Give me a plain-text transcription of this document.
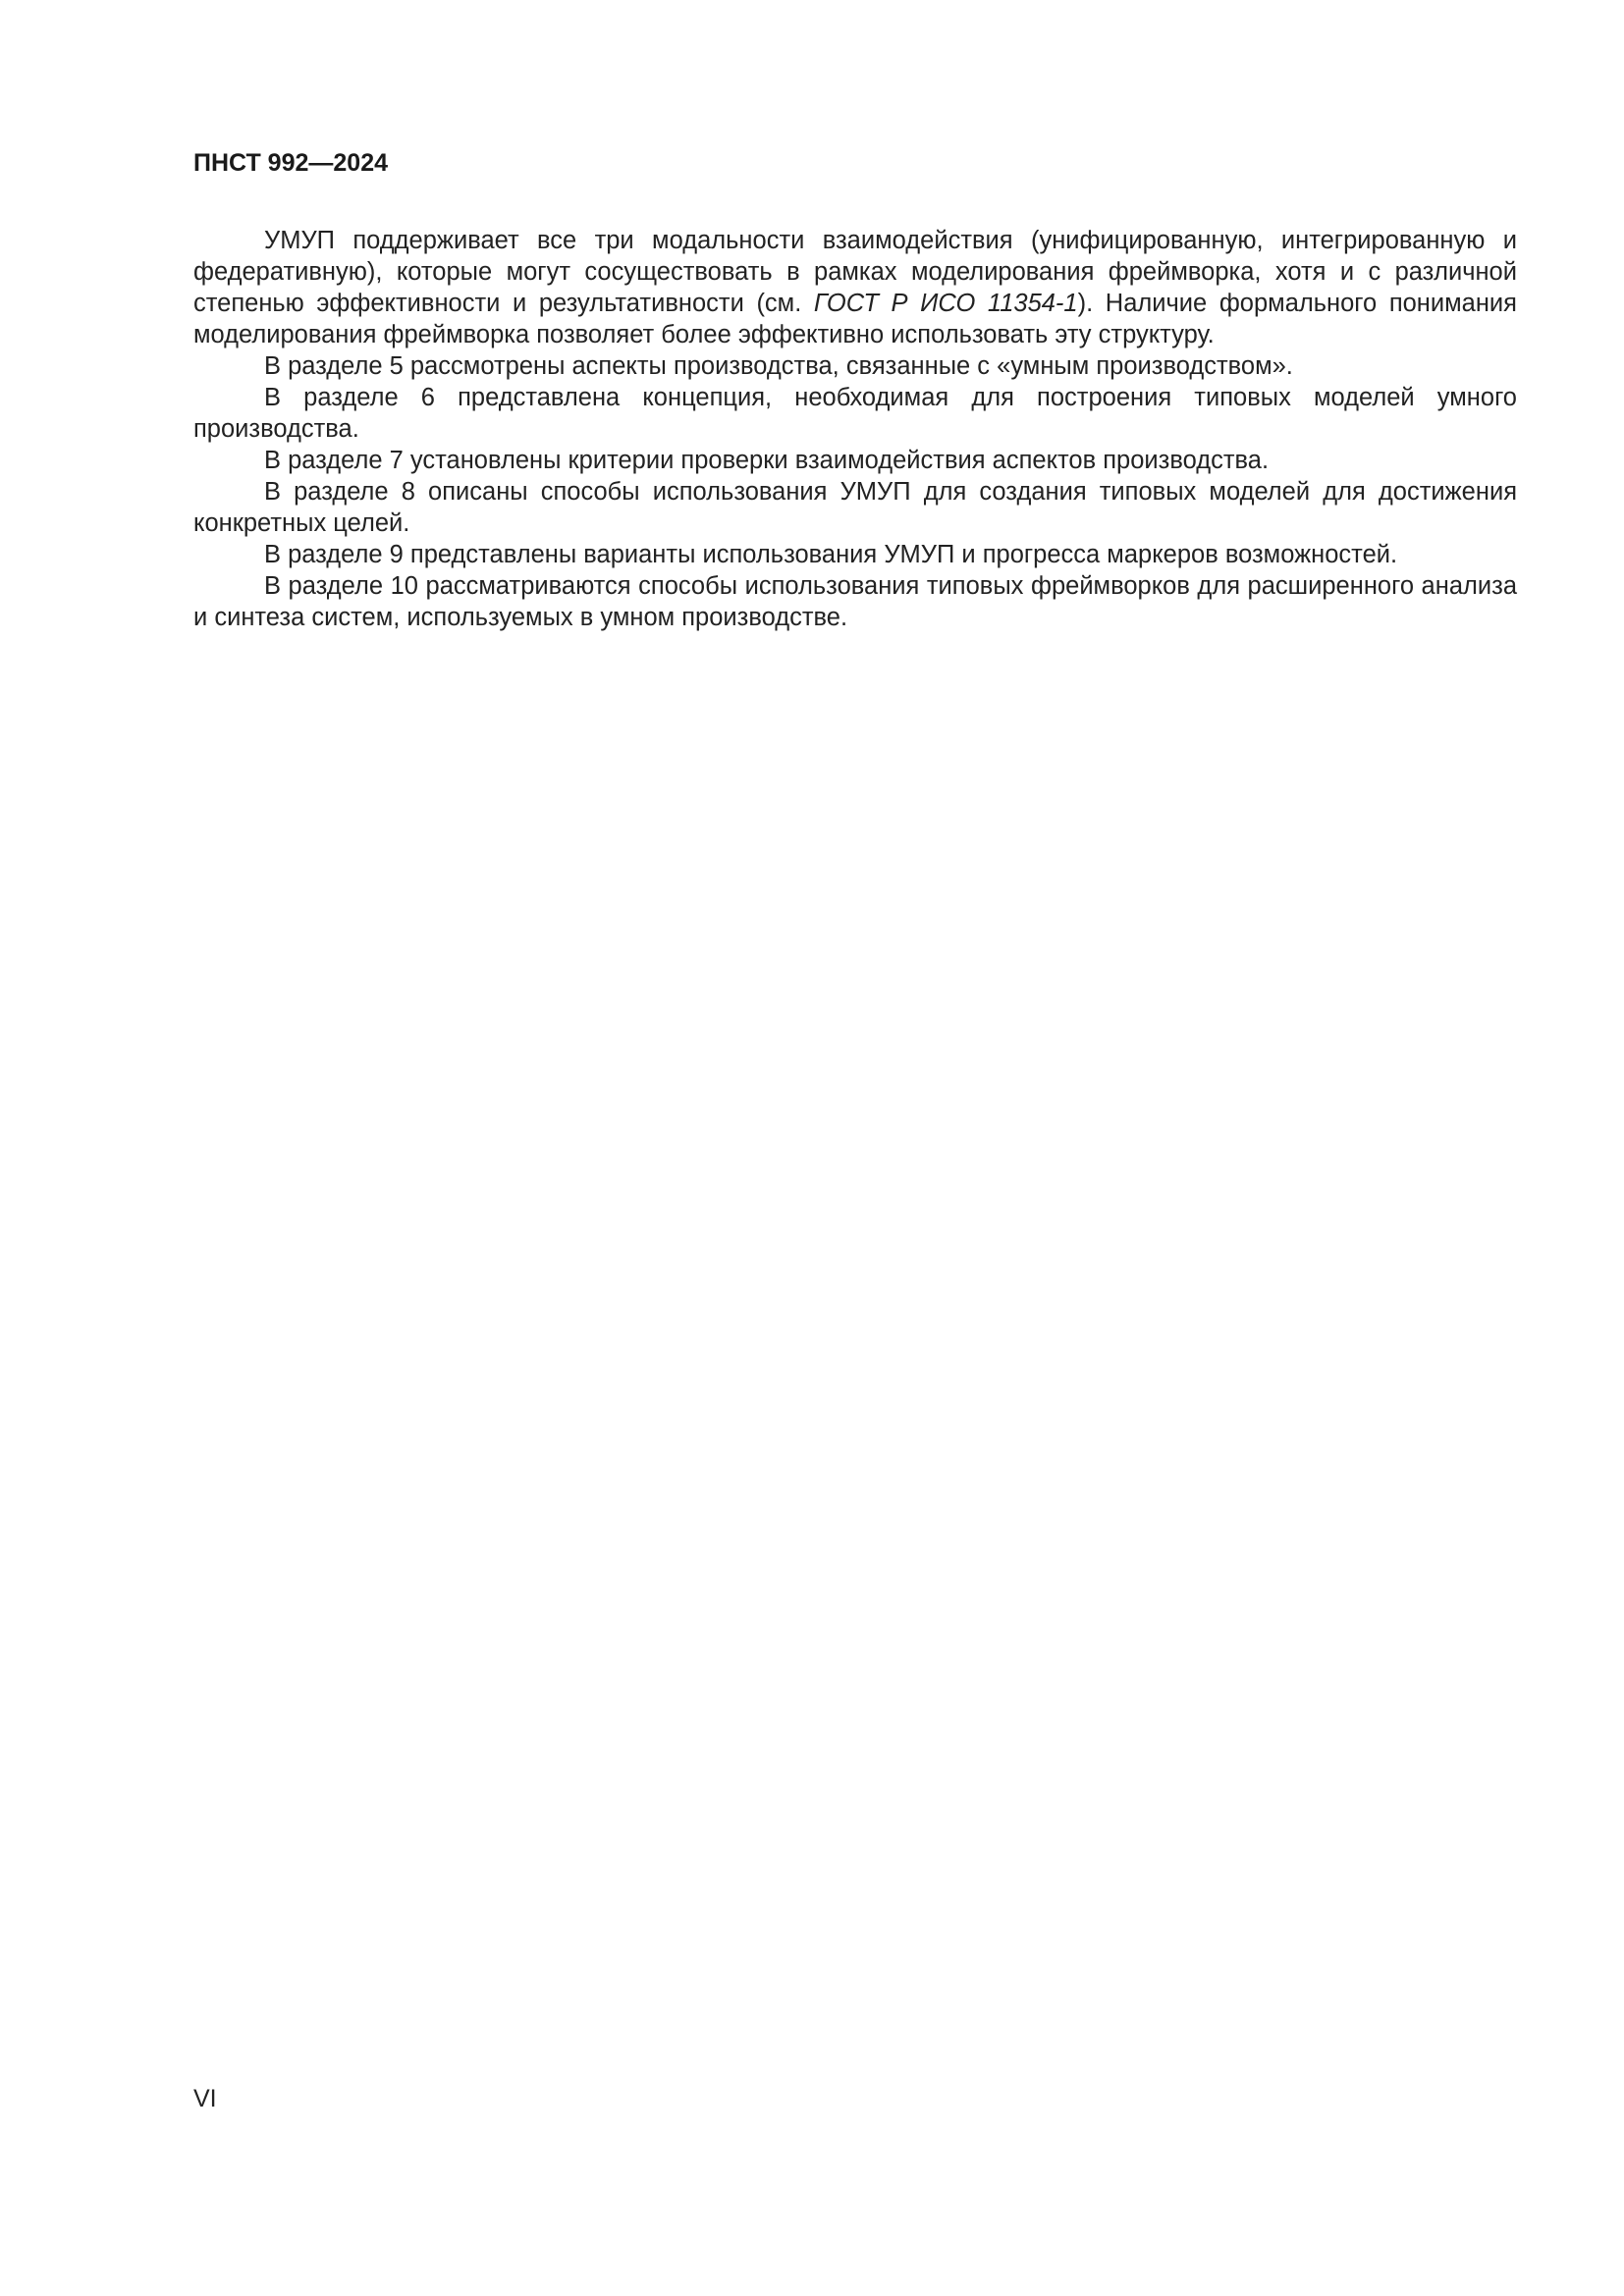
ПНСТ 992—2024

УМУП поддерживает все три модальности взаимодействия (унифицированную, интегрированную и федеративную), которые могут сосуществовать в рамках моделирования фреймворка, хотя и с различной степенью эффективности и результативности (см. ГОСТ Р ИСО 11354-1). Наличие формального понимания моделирования фреймворка позволяет более эффективно использовать эту структуру.

В разделе 5 рассмотрены аспекты производства, связанные с «умным производством».

В разделе 6 представлена концепция, необходимая для построения типовых моделей умного производства.

В разделе 7 установлены критерии проверки взаимодействия аспектов производства.

В разделе 8 описаны способы использования УМУП для создания типовых моделей для достижения конкретных целей.

В разделе 9 представлены варианты использования УМУП и прогресса маркеров возможностей.

В разделе 10 рассматриваются способы использования типовых фреймворков для расширенного анализа и синтеза систем, используемых в умном производстве.

VI
